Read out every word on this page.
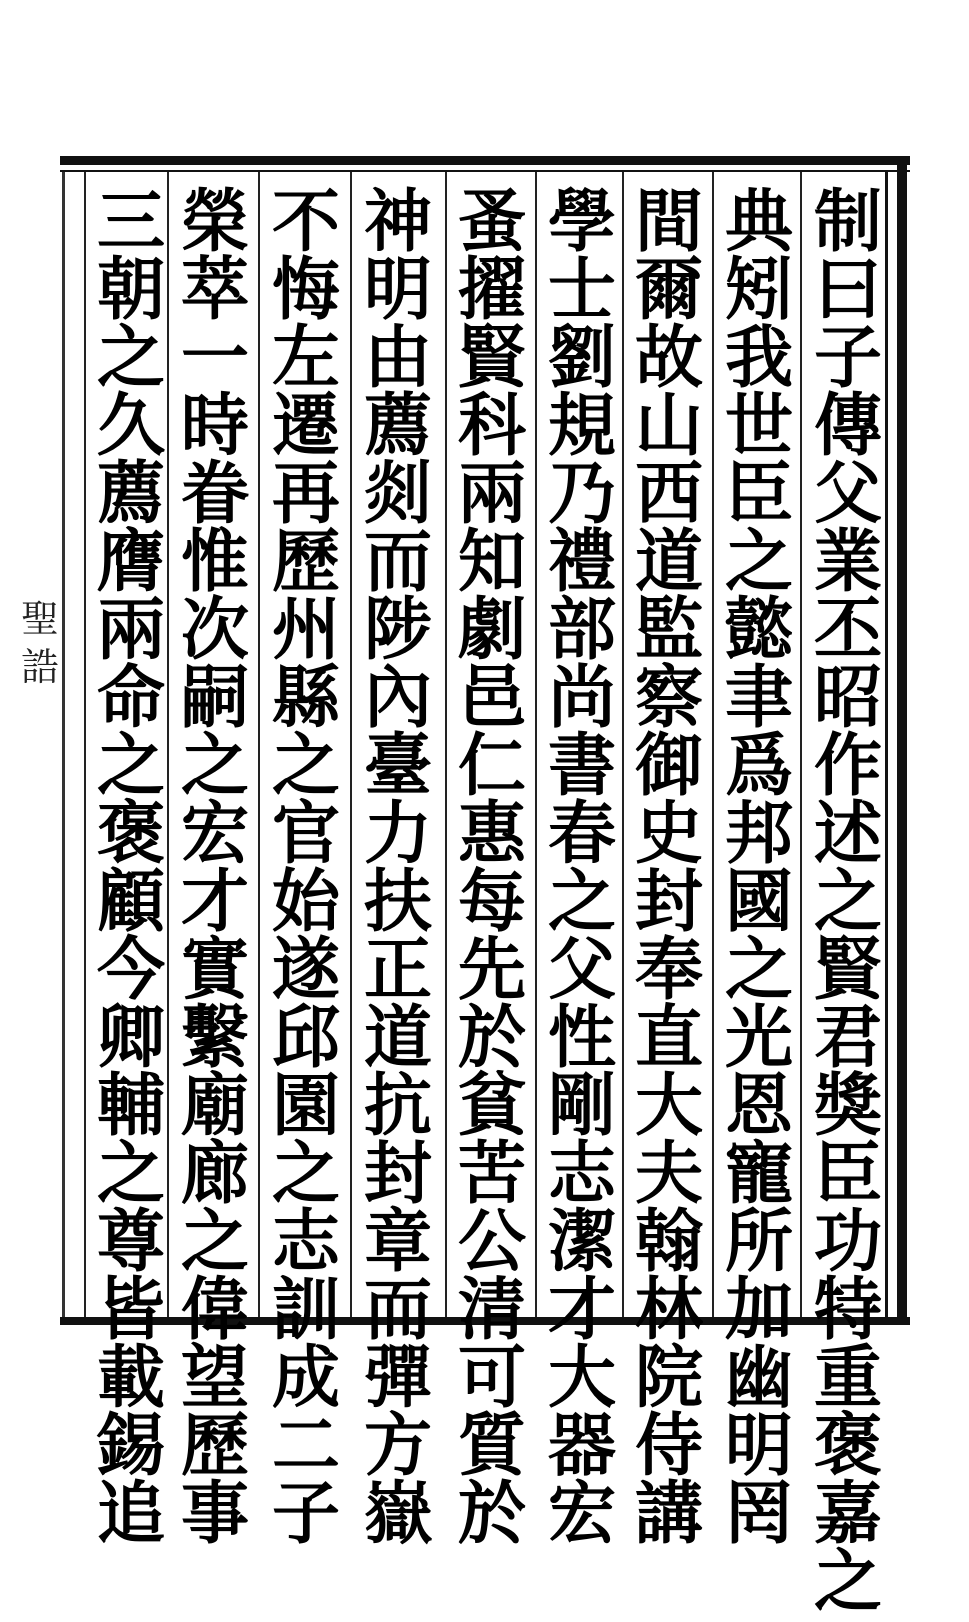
制
曰
子
傳
父
業
丕
昭
作
述
之
賢
君
獎
臣
功
特
重
褒
嘉
之
典
矧
我
世
臣
之
懿
聿
爲
邦
國
之
光
恩
寵
所
加
幽
明
罔
間
爾
故
山
西
道
監
察
御
史
封
奉
直
大
夫
翰
林
院
侍
講
學
士
劉
規
乃
禮
部
尚
書
春
之
父
性
剛
志
潔
才
大
器
宏
蚤
擢
賢
科
兩
知
劇
邑
仁
惠
每
先
於
貧
苦
公
清
可
質
於
神
明
由
薦
剡
而
陟
內
臺
力
扶
正
道
抗
封
章
而
彈
方
嶽
不
悔
左
遷
再
歷
州
縣
之
官
始
遂
邱
園
之
志
訓
成
二
子
榮
萃
一
時
眷
惟
次
嗣
之
宏
才
實
繫
廟
廊
之
偉
望
歷
事
三
朝
之
久
薦
膺
兩
命
之
褒
顧
今
卿
輔
之
尊
皆
載
錫
追
聖
誥
